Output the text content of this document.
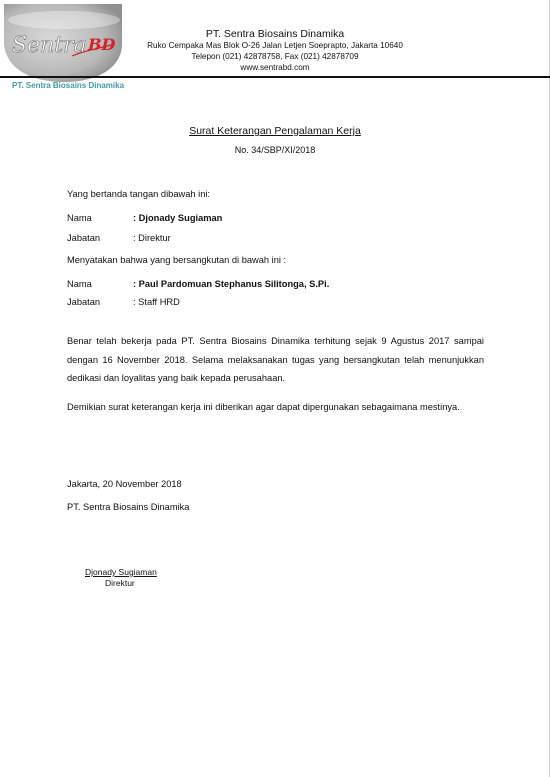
Sentra BD
PT. Sentra Biosains Dinamika
PT. Sentra Biosains Dinamika
Ruko Cempaka Mas Blok O-26 Jalan Letjen Soeprapto, Jakarta 10640
Telepon (021) 42878758, Fax (021) 42878709
www.sentrabd.com
Surat Keterangan Pengalaman Kerja
No. 34/SBP/XI/2018
Yang bertanda tangan dibawah ini:
Nama	: Djonady Sugiaman
Jabatan	: Direktur
Menyatakan bahwa yang bersangkutan di bawah ini :
Nama	: Paul Pardomuan Stephanus Silitonga, S.Pi.
Jabatan	: Staff HRD
Benar telah bekerja pada PT. Sentra Biosains Dinamika terhitung sejak 9 Agustus 2017 sampai dengan 16 November 2018. Selama melaksanakan tugas yang bersangkutan telah menunjukkan dedikasi dan loyalitas yang baik kepada perusahaan.
Demikian surat keterangan kerja ini diberikan agar dapat dipergunakan sebagaimana mestinya.
Jakarta, 20 November 2018
PT. Sentra Biosains Dinamika
Djonady Sugiaman
Direktur
